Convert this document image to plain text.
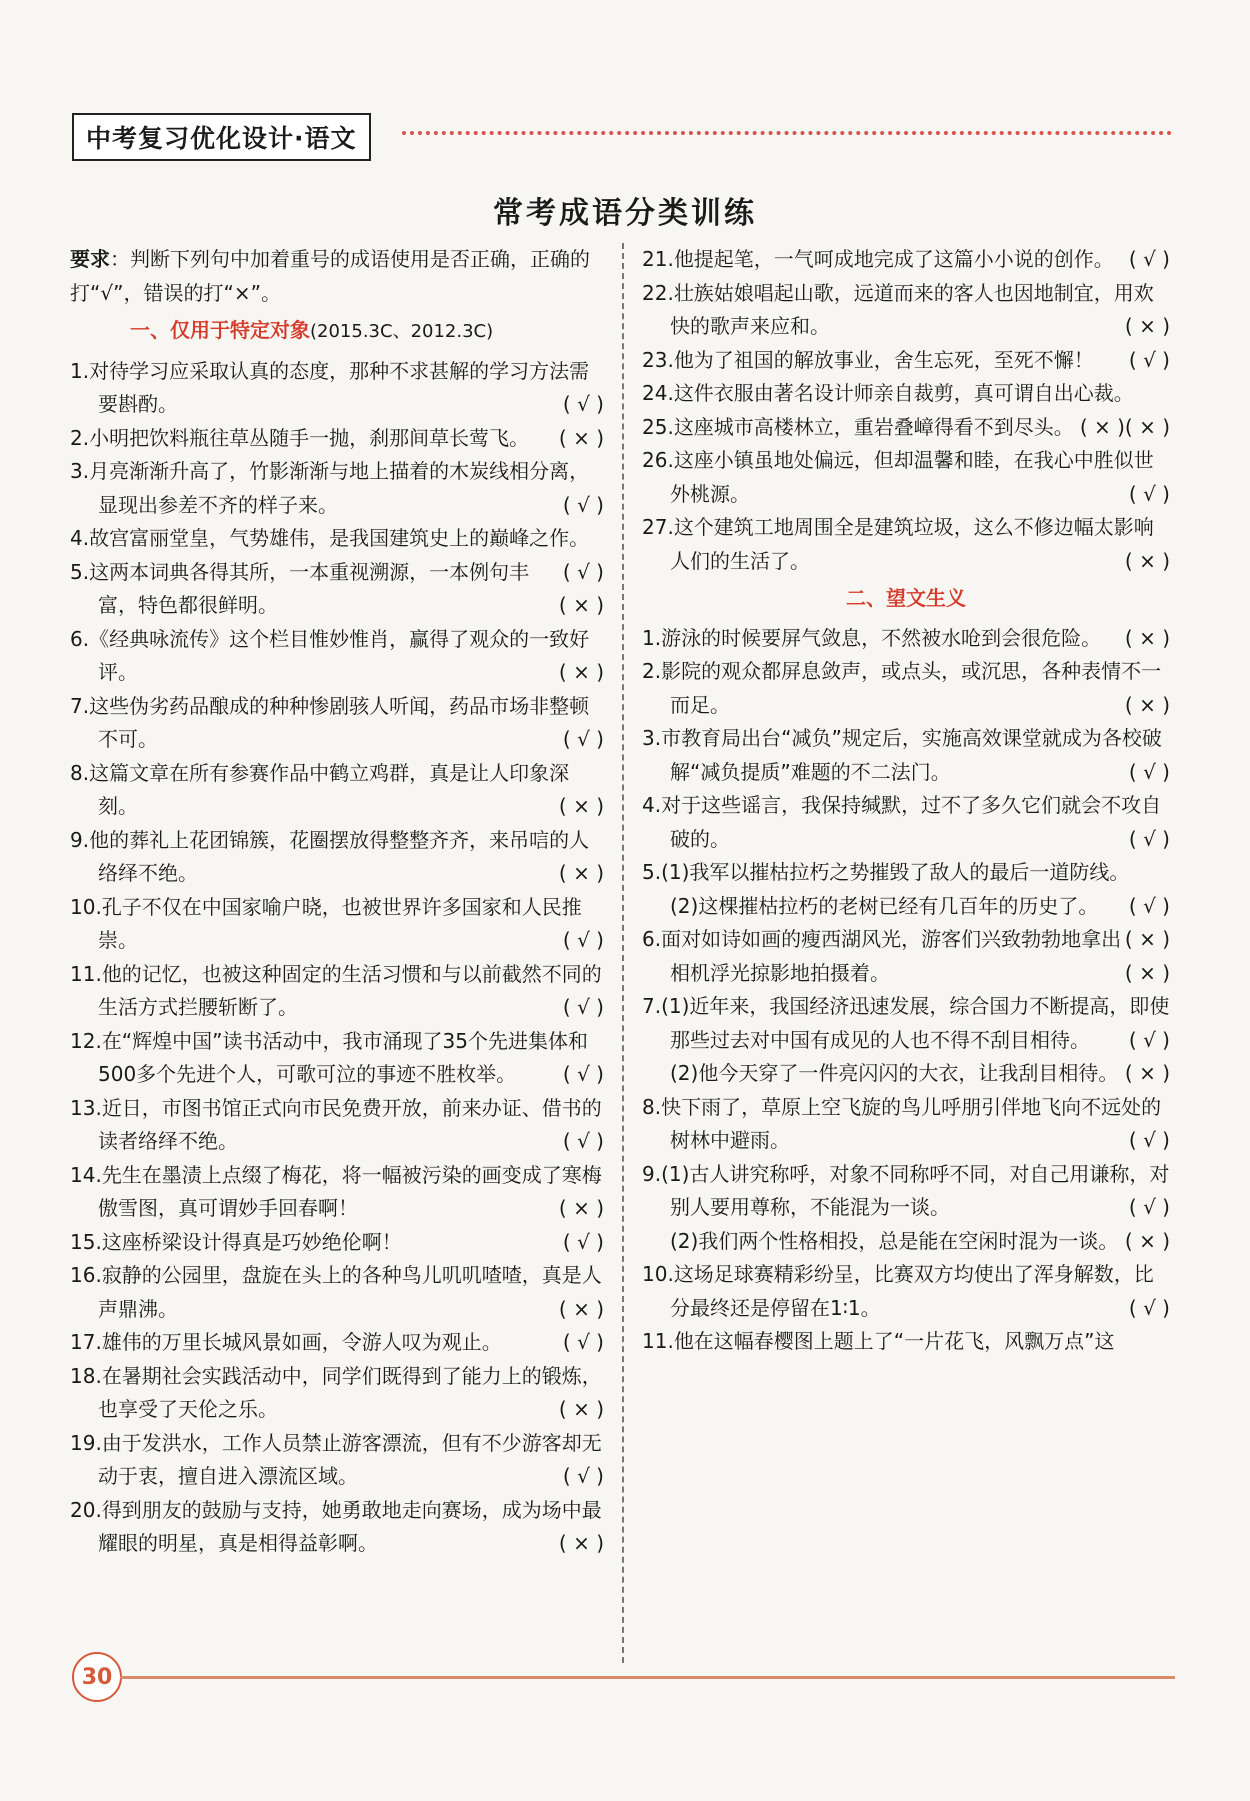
中考复习优化设计·语文
常考成语分类训练

要求：判断下列句中加着重号的成语使用是否正确，正确的打“√”，错误的打“×”。

一、仅用于特定对象(2015.3C、2012.3C)

1.对待学习应采取认真的态度，那种不求甚解的学习方法需要斟酌。	( √ )

2.小明把饮料瓶往草丛随手一抛，刹那间草长莺飞。 ( × )

3.月亮渐渐升高了，竹影渐渐与地上描着的木炭线相分离，显现出参差不齐的样子来。	( √ )

4.故宫富丽堂皇，气势雄伟，是我国建筑史上的巅峰之作。
( √ )

5.这两本词典各得其所，一本重视溯源，一本例句丰富，特色都很鲜明。	( × )

6.《经典咏流传》这个栏目惟妙惟肖，赢得了观众的一致好评。	( × )

7.这些伪劣药品酿成的种种惨剧骇人听闻，药品市场非整顿不可。	( √ )

8.这篇文章在所有参赛作品中鹤立鸡群，真是让人印象深刻。	( × )

9.他的葬礼上花团锦簇，花圈摆放得整整齐齐，来吊唁的人络绎不绝。	( × )

10.孔子不仅在中国家喻户晓，也被世界许多国家和人民推崇。	( √ )

11.他的记忆，也被这种固定的生活习惯和与以前截然不同的生活方式拦腰斩断了。	( √ )

12.在“辉煌中国”读书活动中，我市涌现了35个先进集体和500多个先进个人，可歌可泣的事迹不胜枚举。 ( √ )

13.近日，市图书馆正式向市民免费开放，前来办证、借书的读者络绎不绝。	( √ )

14.先生在墨渍上点缀了梅花，将一幅被污染的画变成了寒梅傲雪图，真可谓妙手回春啊！	( × )

15.这座桥梁设计得真是巧妙绝伦啊！	( √ )

16.寂静的公园里，盘旋在头上的各种鸟儿叽叽喳喳，真是人声鼎沸。	( × )

17.雄伟的万里长城风景如画，令游人叹为观止。	( √ )

18.在暑期社会实践活动中，同学们既得到了能力上的锻炼，也享受了天伦之乐。	( × )

19.由于发洪水，工作人员禁止游客漂流，但有不少游客却无动于衷，擅自进入漂流区域。	( √ )

20.得到朋友的鼓励与支持，她勇敢地走向赛场，成为场中最耀眼的明星，真是相得益彰啊。	( × )

21.他提起笔，一气呵成地完成了这篇小小说的创作。 ( √ )

22.壮族姑娘唱起山歌，远道而来的客人也因地制宜，用欢快的歌声来应和。	( × )

23.他为了祖国的解放事业，舍生忘死，至死不懈！ ( √ )

24.这件衣服由著名设计师亲自裁剪，真可谓自出心裁。
( × )

25.这座城市高楼林立，重岩叠嶂得看不到尽头。 ( × )

26.这座小镇虽地处偏远，但却温馨和睦，在我心中胜似世外桃源。	( √ )

27.这个建筑工地周围全是建筑垃圾，这么不修边幅太影响人们的生活了。	( × )

二、望文生义

1.游泳的时候要屏气敛息，不然被水呛到会很危险。 ( × )

2.影院的观众都屏息敛声，或点头，或沉思，各种表情不一而足。	( × )

3.市教育局出台“减负”规定后，实施高效课堂就成为各校破解“减负提质”难题的不二法门。	( √ )

4.对于这些谣言，我保持缄默，过不了多久它们就会不攻自破的。	( √ )

5.(1)我军以摧枯拉朽之势摧毁了敌人的最后一道防线。
( √ )

(2)这棵摧枯拉朽的老树已经有几百年的历史了。
( × )

6.面对如诗如画的瘦西湖风光，游客们兴致勃勃地拿出相机浮光掠影地拍摄着。	( × )

7.(1)近年来，我国经济迅速发展，综合国力不断提高，即使那些过去对中国有成见的人也不得不刮目相待。 ( √ )

(2)他今天穿了一件亮闪闪的大衣，让我刮目相待。 ( × )

8.快下雨了，草原上空飞旋的鸟儿呼朋引伴地飞向不远处的树林中避雨。	( √ )

9.(1)古人讲究称呼，对象不同称呼不同，对自己用谦称，对别人要用尊称，不能混为一谈。	( √ )

(2)我们两个性格相投，总是能在空闲时混为一谈。 ( × )

10.这场足球赛精彩纷呈，比赛双方均使出了浑身解数，比分最终还是停留在1∶1。	( √ )

11.他在这幅春樱图上题上了“一片花飞，风飘万点”这

30
